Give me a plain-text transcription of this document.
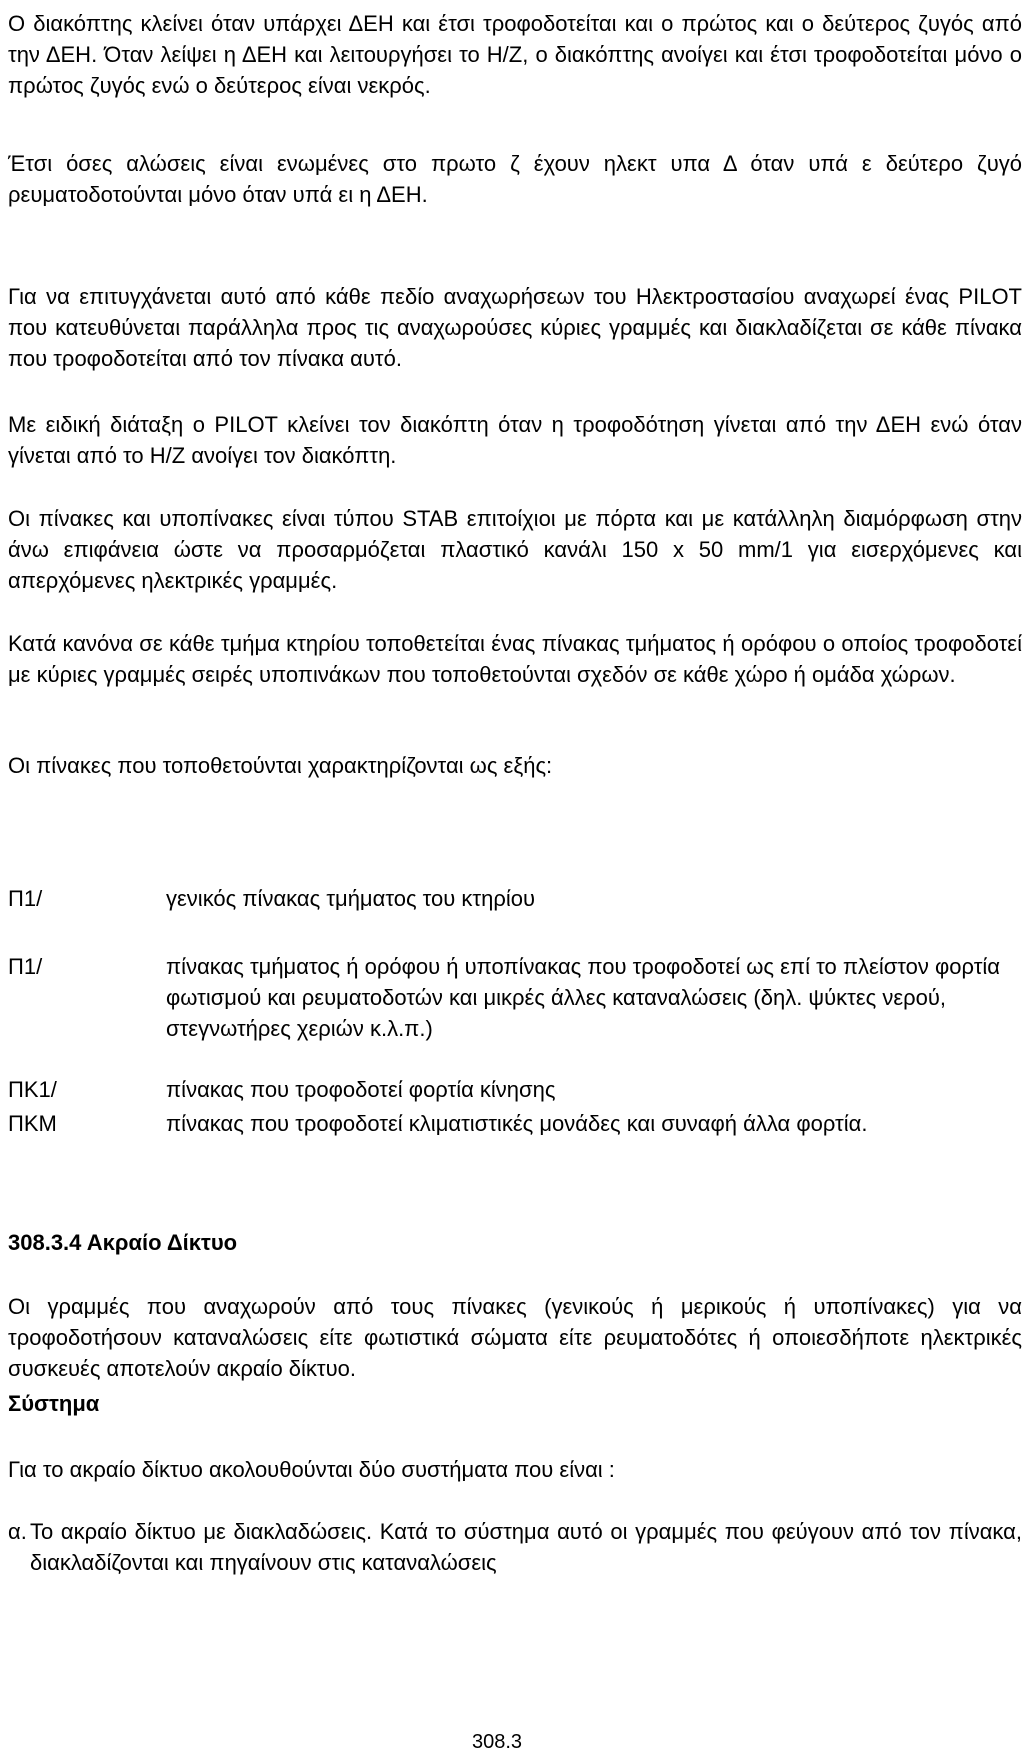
Ο διακόπτης κλείνει όταν υπάρχει ΔΕΗ και έτσι τροφοδοτείται και ο πρώτος και ο δεύτερος ζυγός από την ΔΕΗ. Όταν λείψει η ΔΕΗ και λειτουργήσει το Η/Ζ, ο διακόπτης ανοίγει και έτσι τροφοδοτείται μόνο ο πρώτος ζυγός ενώ ο δεύτερος είναι νεκρός.

Έτσι όσες αλώσεις είναι ενωμένες στο πρωτο ζ έχουν ηλεκτ υπα Δ όταν υπά ε δεύτερο ζυγό ρευματοδοτούνται μόνο όταν υπά ει η ΔΕΗ.

Για να επιτυγχάνεται αυτό από κάθε πεδίο αναχωρήσεων του Ηλεκτροστασίου αναχωρεί ένας PILOT που κατευθύνεται παράλληλα προς τις αναχωρούσες κύριες γραμμές και διακλαδίζεται σε κάθε πίνακα που τροφοδοτείται από τον πίνακα αυτό.

Με ειδική διάταξη ο PILOT κλείνει τον διακόπτη όταν η τροφοδότηση γίνεται από την ΔΕΗ ενώ όταν γίνεται από το Η/Ζ ανοίγει τον διακόπτη.

Οι πίνακες και υποπίνακες είναι τύπου STAB επιτοίχιοι με πόρτα και με κατάλληλη διαμόρφωση στην άνω επιφάνεια ώστε να προσαρμόζεται πλαστικό κανάλι 150 x 50 mm/1 για εισερχόμενες και απερχόμενες ηλεκτρικές γραμμές.

Κατά κανόνα σε κάθε τμήμα κτηρίου τοποθετείται ένας πίνακας τμήματος ή ορόφου ο οποίος τροφοδοτεί με κύριες γραμμές σειρές υποπινάκων που τοποθετούνται σχεδόν σε κάθε χώρο ή ομάδα χώρων.

Οι πίνακες που τοποθετούνται χαρακτηρίζονται ως εξής:

Π1/	γενικός πίνακας τμήματος του κτηρίου
Π1/	πίνακας τμήματος ή ορόφου ή υποπίνακας που τροφοδοτεί ως επί το πλείστον φορτία φωτισμού και ρευματοδοτών και μικρές άλλες καταναλώσεις (δηλ. ψύκτες νερού, στεγνωτήρες χεριών κ.λ.π.)
ΠΚ1/	πίνακας που τροφοδοτεί φορτία κίνησης
ΠΚΜ	πίνακας που τροφοδοτεί κλιματιστικές μονάδες και συναφή άλλα φορτία.
308.3.4 Ακραίο Δίκτυο

Οι γραμμές που αναχωρούν από τους πίνακες (γενικούς ή μερικούς ή υποπίνακες) για να τροφοδοτήσουν καταναλώσεις είτε φωτιστικά σώματα είτε ρευματοδότες ή οποιεσδήποτε ηλεκτρικές συσκευές αποτελούν ακραίο δίκτυο.

Σύστημα

Για το ακραίο δίκτυο ακολουθούνται δύο συστήματα που είναι :

α. Το ακραίο δίκτυο με διακλαδώσεις. Κατά το σύστημα αυτό οι γραμμές που φεύγουν από τον πίνακα, διακλαδίζονται και πηγαίνουν στις καταναλώσεις
308.3
